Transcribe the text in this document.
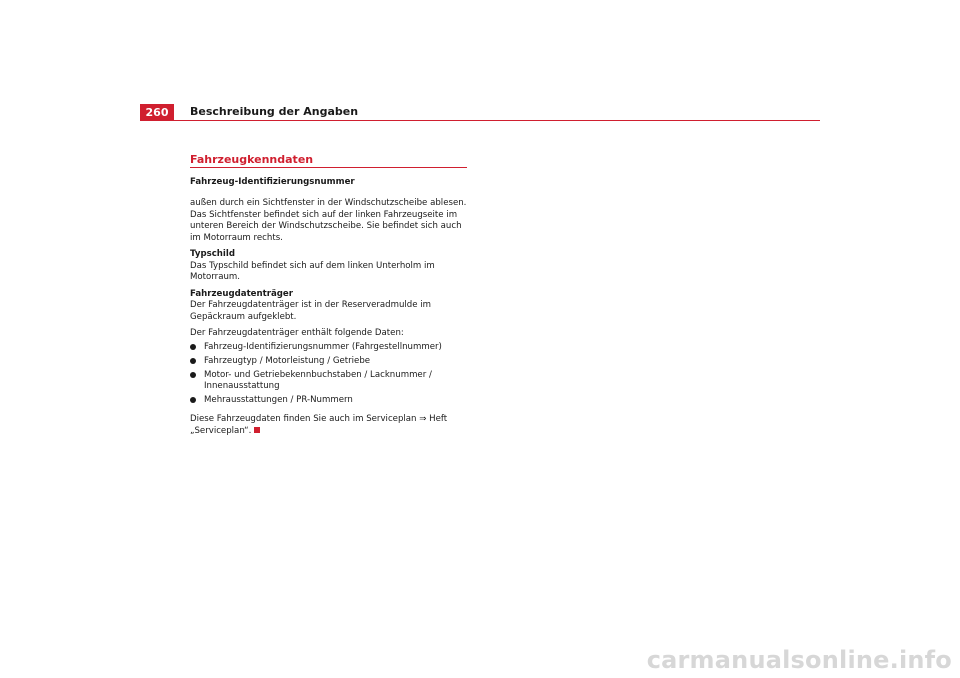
260	Beschreibung der Angaben
Fahrzeugkenndaten

Fahrzeug-Identifizierungsnummer

außen durch ein Sichtfenster in der Windschutzscheibe ablesen. Das Sichtfenster befindet sich auf der linken Fahrzeugseite im unteren Bereich der Windschutzscheibe. Sie befindet sich auch im Motorraum rechts.

Typschild

Das Typschild befindet sich auf dem linken Unterholm im Motorraum.

Fahrzeugdatenträger

Der Fahrzeugdatenträger ist in der Reserveradmulde im Gepäckraum aufgeklebt.

Der Fahrzeugdatenträger enthält folgende Daten:

Fahrzeug-Identifizierungsnummer (Fahrgestellnummer)
Fahrzeugtyp / Motorleistung / Getriebe
Motor- und Getriebekennbuchstaben / Lacknummer / Innenausstattung
Mehrausstattungen / PR-Nummern

Diese Fahrzeugdaten finden Sie auch im Serviceplan ⇒ Heft „Serviceplan“.

carmanualsonline.info
